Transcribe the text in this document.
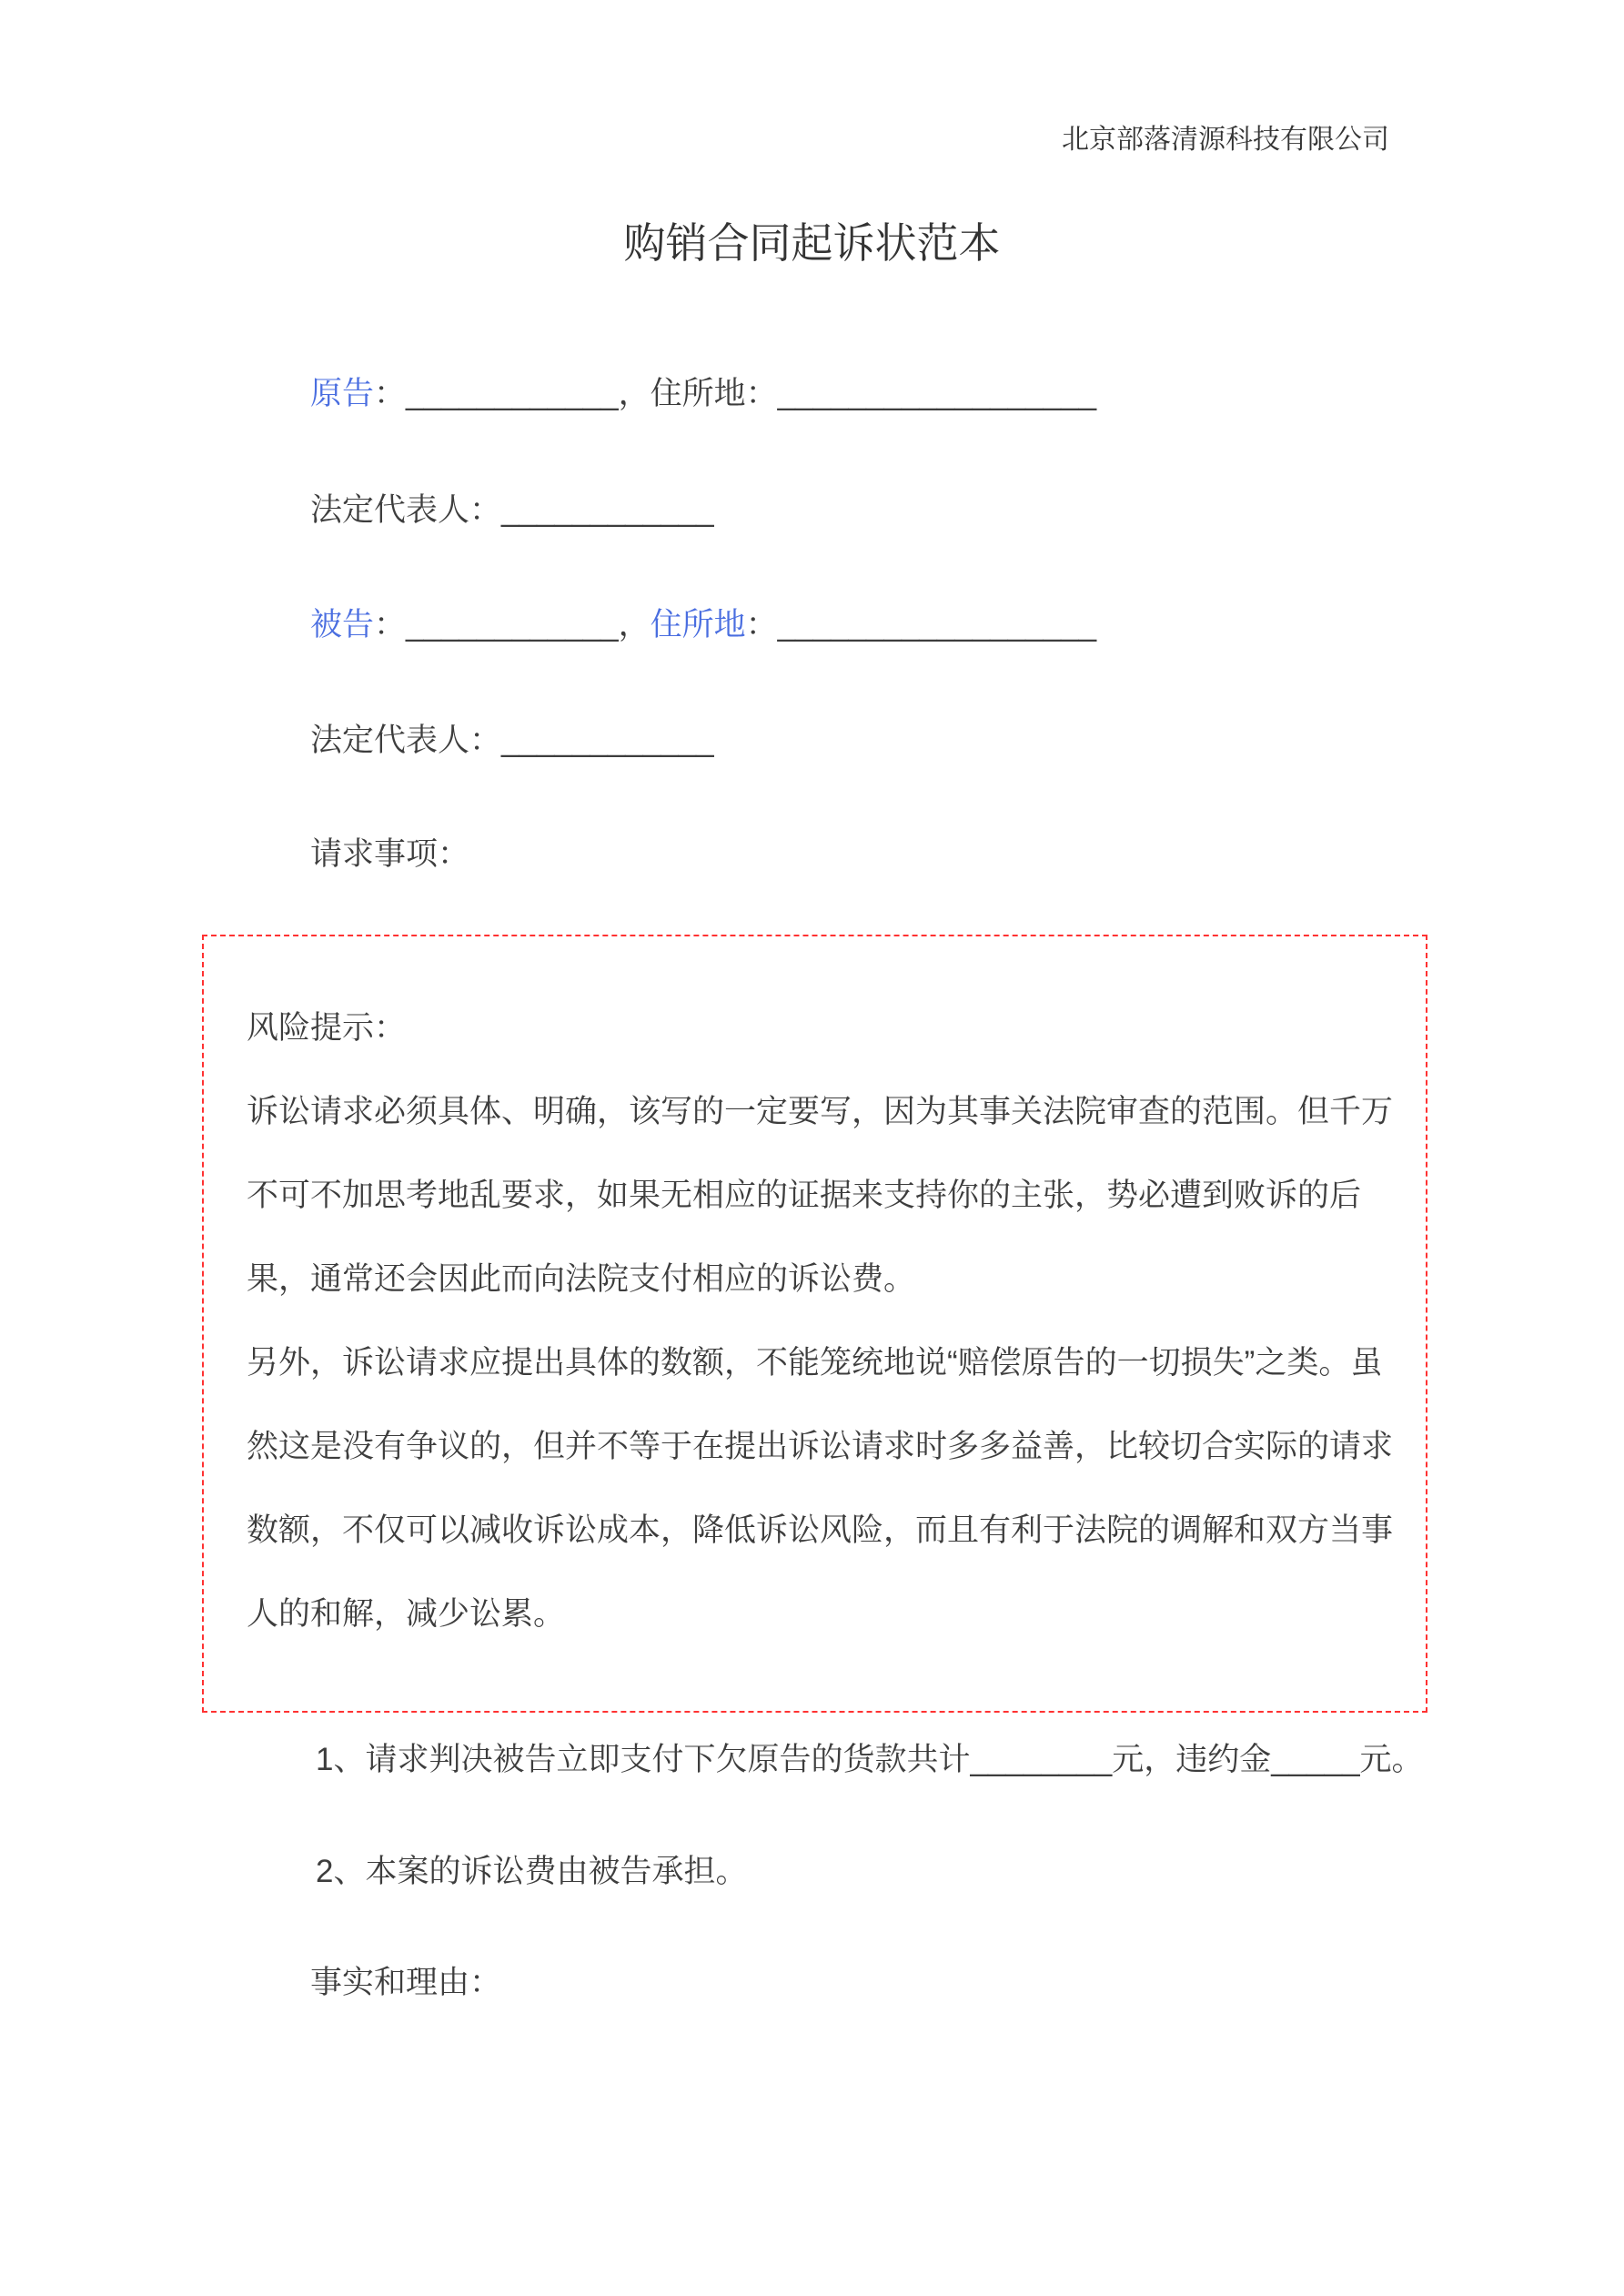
北京部落清源科技有限公司
购销合同起诉状范本

原告：____________，住所地：__________________

法定代表人：____________

被告：____________，住所地：__________________

法定代表人：____________

请求事项：

风险提示：

诉讼请求必须具体、明确，该写的一定要写，因为其事关法院审查的范围。但千万不可不加思考地乱要求，如果无相应的证据来支持你的主张，势必遭到败诉的后果，通常还会因此而向法院支付相应的诉讼费。

另外，诉讼请求应提出具体的数额，不能笼统地说“赔偿原告的一切损失”之类。虽然这是没有争议的，但并不等于在提出诉讼请求时多多益善，比较切合实际的请求数额，不仅可以减收诉讼成本，降低诉讼风险，而且有利于法院的调解和双方当事人的和解，减少讼累。

1、请求判决被告立即支付下欠原告的货款共计________元，违约金_____元。

2、本案的诉讼费由被告承担。

事实和理由：
